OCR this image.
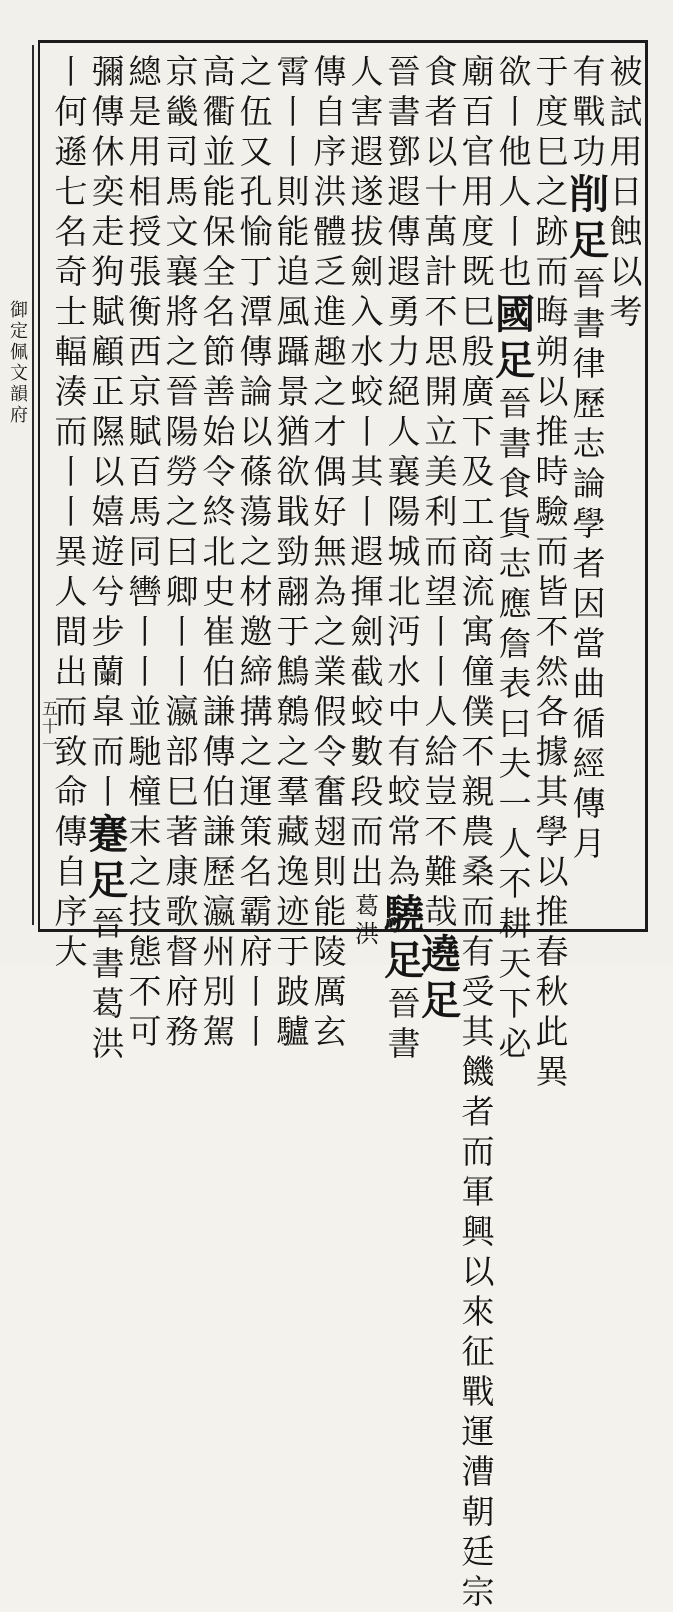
御
定
佩
文
韻
府
五
十
一
被
試
用
日
蝕
以
考
有
戰
功
削
足
晉
書
律
歷
志
論
學
者
因
當
曲
循
經
傳
月
于
度
巳
之
跡
而
晦
朔
以
推
時
驗
而
皆
不
然
各
據
其
學
以
推
春
秋
此
異
欲
丨
他
人
丨
也
國
足
晉
書
食
貨
志
應
詹
表
曰
夫
一
人
不
耕
天
下
必
廟
百
官
用
度
既
巳
殷
廣
下
及
工
商
流
寓
僮
僕
不
親
農
桑
而
有
受
其
饑
者
而
軍
興
以
來
征
戰
運
漕
朝
廷
宗
食
者
以
十
萬
計
不
思
開
立
美
利
而
望
丨
丨
人
給
豈
不
難
哉
遶
足
晉
書
鄧
遐
傳
遐
勇
力
絕
人
襄
陽
城
北
沔
水
中
有
蛟
常
為
驍
足
晉
書
人
害
遐
遂
拔
劍
入
水
蛟
丨
其
丨
遐
揮
劍
截
蛟
數
段
而
出
葛
洪
傳
自
序
洪
體
乏
進
趣
之
才
偶
好
無
為
之
業
假
令
奮
翅
則
能
陵
厲
玄
霄
丨
丨
則
能
追
風
躡
景
猶
欲
戢
勁
翮
于
鷦
鷯
之
羣
藏
逸
迹
于
跛
驢
之
伍
又
孔
愉
丁
潭
傳
論
以
蓧
蕩
之
材
邀
締
搆
之
運
策
名
霸
府
丨
丨
高
衢
並
能
保
全
名
節
善
始
令
終
北
史
崔
伯
謙
傳
伯
謙
歷
瀛
州
別
駕
京
畿
司
馬
文
襄
將
之
晉
陽
勞
之
曰
卿
丨
丨
瀛
部
巳
著
康
歌
督
府
務
總
是
用
相
授
張
衡
西
京
賦
百
馬
同
轡
丨
丨
並
馳
橦
末
之
技
態
不
可
彌
傳
休
奕
走
狗
賦
顧
正
隰
以
嬉
遊
兮
步
蘭
皐
而
丨
蹇
足
晉
書
葛
洪
丨
何
遜
七
名
奇
士
輻
湊
而
丨
丨
異
人
間
出
而
致
命
傳
自
序
大
